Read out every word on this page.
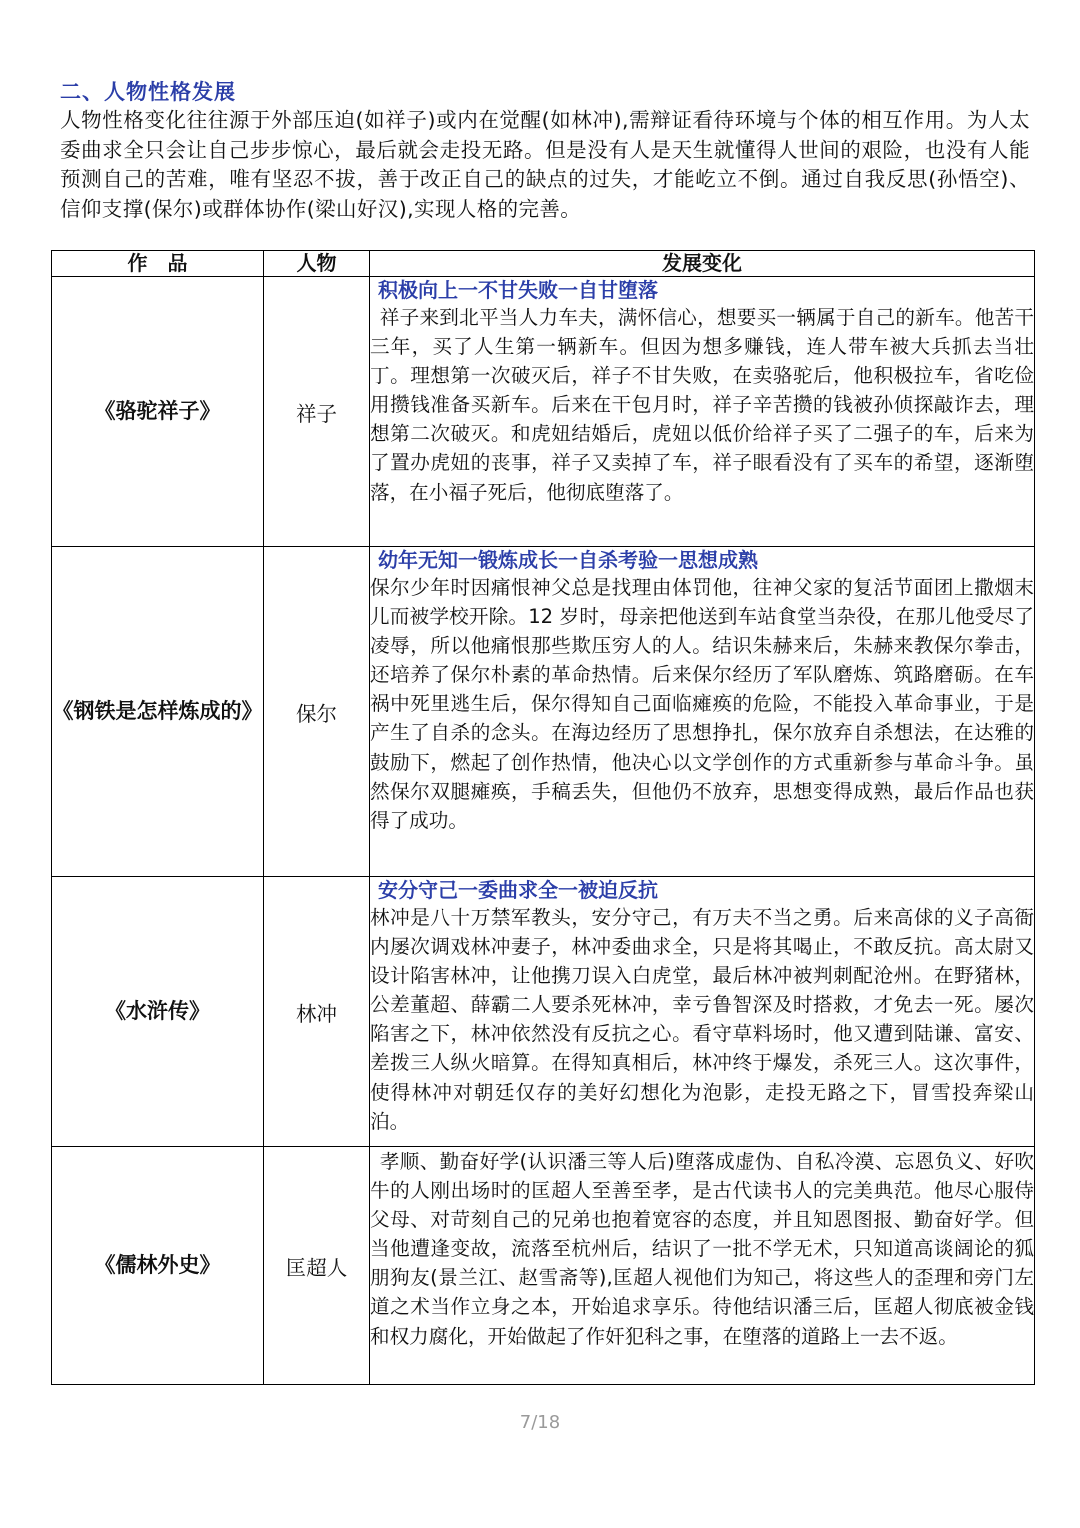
二、人物性格发展

人物性格变化往往源于外部压迫(如祥子)或内在觉醒(如林冲),需辩证看待环境与个体的相互作用。为人太委曲求全只会让自己步步惊心，最后就会走投无路。但是没有人是天生就懂得人世间的艰险，也没有人能预测自己的苦难，唯有坚忍不拔，善于改正自己的缺点的过失，才能屹立不倒。通过自我反思(孙悟空)、信仰支撑(保尔)或群体协作(梁山好汉),实现人格的完善。

作　品	人物	发展变化
《骆驼祥子》	祥子	积极向上一不甘失败一自甘堕落

祥子来到北平当人力车夫，满怀信心，想要买一辆属于自己的新车。他苦干三年，买了人生第一辆新车。但因为想多赚钱，连人带车被大兵抓去当壮丁。理想第一次破灭后，祥子不甘失败，在卖骆驼后，他积极拉车，省吃俭用攒钱准备买新车。后来在干包月时，祥子辛苦攒的钱被孙侦探敲诈去，理想第二次破灭。和虎妞结婚后，虎妞以低价给祥子买了二强子的车，后来为了置办虎妞的丧事，祥子又卖掉了车，祥子眼看没有了买车的希望，逐渐堕落，在小福子死后，他彻底堕落了。

《钢铁是怎样炼成的》	保尔	幼年无知一锻炼成长一自杀考验一思想成熟

保尔少年时因痛恨神父总是找理由体罚他，往神父家的复活节面团上撒烟末儿而被学校开除。12 岁时，母亲把他送到车站食堂当杂役，在那儿他受尽了凌辱，所以他痛恨那些欺压穷人的人。结识朱赫来后，朱赫来教保尔拳击，还培养了保尔朴素的革命热情。后来保尔经历了军队磨炼、筑路磨砺。在车祸中死里逃生后，保尔得知自己面临瘫痪的危险，不能投入革命事业，于是产生了自杀的念头。在海边经历了思想挣扎，保尔放弃自杀想法，在达雅的鼓励下，燃起了创作热情，他决心以文学创作的方式重新参与革命斗争。虽然保尔双腿瘫痪，手稿丢失，但他仍不放弃，思想变得成熟，最后作品也获得了成功。

《水浒传》	林冲	安分守己一委曲求全一被迫反抗

林冲是八十万禁军教头，安分守己，有万夫不当之勇。后来高俅的义子高衙内屡次调戏林冲妻子，林冲委曲求全，只是将其喝止，不敢反抗。高太尉又设计陷害林冲，让他携刀误入白虎堂，最后林冲被判刺配沧州。在野猪林，公差董超、薛霸二人要杀死林冲，幸亏鲁智深及时搭救，才免去一死。屡次陷害之下，林冲依然没有反抗之心。看守草料场时，他又遭到陆谦、富安、差拨三人纵火暗算。在得知真相后，林冲终于爆发，杀死三人。这次事件，使得林冲对朝廷仅存的美好幻想化为泡影，走投无路之下，冒雪投奔梁山泊。

《儒林外史》	匡超人	孝顺、勤奋好学(认识潘三等人后)堕落成虚伪、自私冷漠、忘恩负义、好吹牛的人刚出场时的匡超人至善至孝，是古代读书人的完美典范。他尽心服侍父母、对苛刻自己的兄弟也抱着宽容的态度，并且知恩图报、勤奋好学。但当他遭逢变故，流落至杭州后，结识了一批不学无术，只知道高谈阔论的狐朋狗友(景兰江、赵雪斋等),匡超人视他们为知己，将这些人的歪理和旁门左道之术当作立身之本，开始追求享乐。待他结识潘三后，匡超人彻底被金钱和权力腐化，开始做起了作奸犯科之事，在堕落的道路上一去不返。

7/18
